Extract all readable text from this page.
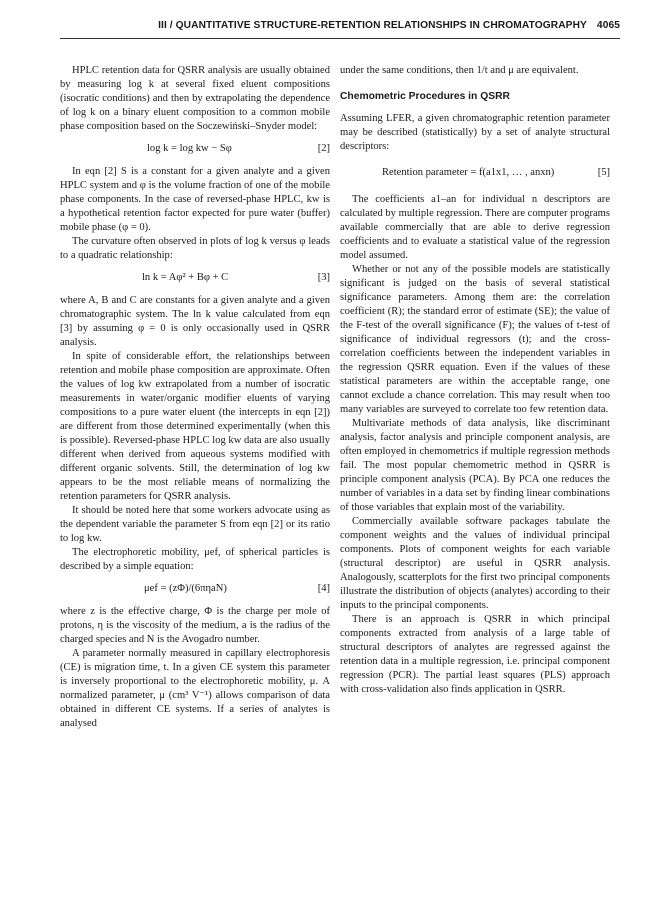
III / QUANTITATIVE STRUCTURE-RETENTION RELATIONSHIPS IN CHROMATOGRAPHY 4065

HPLC retention data for QSRR analysis are usually obtained by measuring log k at several fixed eluent compositions (isocratic conditions) and then by extrapolating the dependence of log k on a binary eluent composition to a common mobile phase composition based on the Soczewiński–Snyder model:

log k = log kw − Sφ	[2]

In eqn [2] S is a constant for a given analyte and a given HPLC system and φ is the volume fraction of one of the mobile phase components. In the case of reversed-phase HPLC, kw is a hypothetical retention factor expected for pure water (buffer) mobile phase (φ = 0).

The curvature often observed in plots of log k versus φ leads to a quadratic relationship:

ln k = Aφ² + Bφ + C	[3]

where A, B and C are constants for a given analyte and a given chromatographic system. The ln k value calculated from eqn [3] by assuming φ = 0 is only occasionally used in QSRR analysis.

In spite of considerable effort, the relationships between retention and mobile phase composition are approximate. Often the values of log kw extrapolated from a number of isocratic measurements in water/organic modifier eluents of varying compositions to a pure water eluent (the intercepts in eqn [2]) are different from those determined experimentally (when this is possible). Reversed-phase HPLC log kw data are also usually different when derived from aqueous systems modified with different organic solvents. Still, the determination of log kw appears to be the most reliable means of normalizing the retention parameters for QSRR analysis.

It should be noted here that some workers advocate using as the dependent variable the parameter S from eqn [2] or its ratio to log kw.

The electrophoretic mobility, μef, of spherical particles is described by a simple equation:

μef = (zΦ)/(6πηaN)	[4]

where z is the effective charge, Φ is the charge per mole of protons, η is the viscosity of the medium, a is the radius of the charged species and N is the Avogadro number.

A parameter normally measured in capillary electrophoresis (CE) is migration time, t. In a given CE system this parameter is inversely proportional to the electrophoretic mobility, μ. A normalized parameter, μ (cm³ V⁻¹) allows comparison of data obtained in different CE systems. If a series of analytes is analysed

under the same conditions, then 1/t and μ are equivalent.

Chemometric Procedures in QSRR

Assuming LFER, a given chromatographic retention parameter may be described (statistically) by a set of analyte structural descriptors:

Retention parameter = f(a1x1, … , anxn)	[5]

The coefficients a1–an for individual n descriptors are calculated by multiple regression. There are computer programs available commercially that are able to derive regression coefficients and to evaluate a statistical value of the regression model assumed.

Whether or not any of the possible models are statistically significant is judged on the basis of several statistical significance parameters. Among them are: the correlation coefficient (R); the standard error of estimate (SE); the value of the F-test of the overall significance (F); the values of t-test of significance of individual regressors (t); and the cross-correlation coefficients between the independent variables in the regression QSRR equation. Even if the values of these statistical parameters are within the acceptable range, one cannot exclude a chance correlation. This may result when too many variables are surveyed to correlate too few retention data.

Multivariate methods of data analysis, like discriminant analysis, factor analysis and principle component analysis, are often employed in chemometrics if multiple regression methods fail. The most popular chemometric method in QSRR is principle component analysis (PCA). By PCA one reduces the number of variables in a data set by finding linear combinations of those variables that explain most of the variability.

Commercially available software packages tabulate the component weights and the values of individual principal components. Plots of component weights for each variable (structural descriptor) are useful in QSRR analysis. Analogously, scatterplots for the first two principal components illustrate the distribution of objects (analytes) according to their inputs to the principal components.

There is an approach is QSRR in which principal components extracted from analysis of a large table of structural descriptors of analytes are regressed against the retention data in a multiple regression, i.e. principal component regression (PCR). The partial least squares (PLS) approach with cross-validation also finds application in QSRR.
